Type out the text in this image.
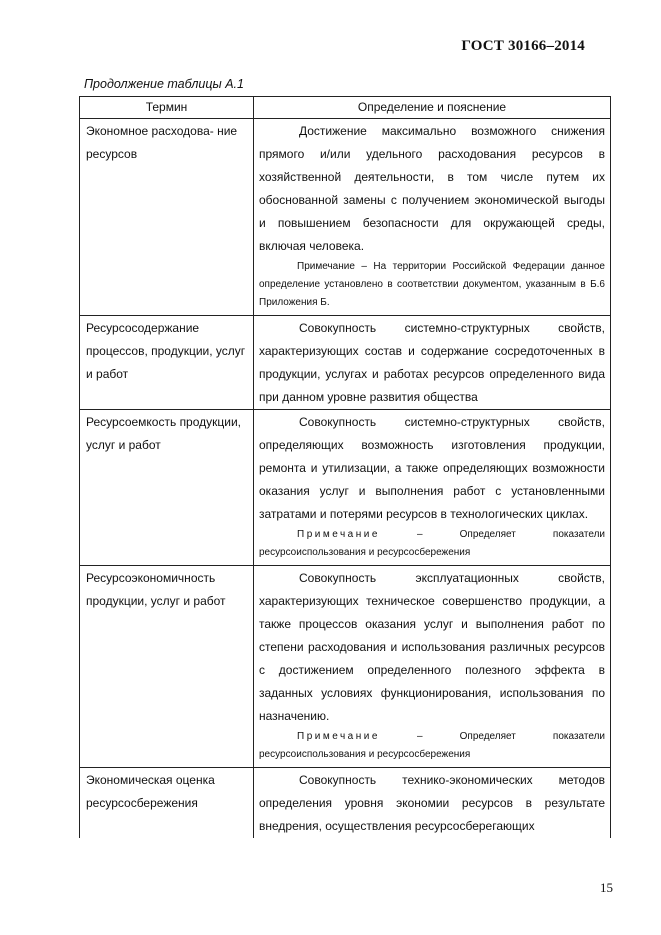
ГОСТ 30166–2014
Продолжение таблицы А.1
Термин	Определение и пояснение
Экономное расходова- ние ресурсов	Достижение максимально возможного снижения прямого и/или удельного расходования ресурсов в хозяйственной деятельности, в том числе путем их обоснованной замены с получением экономической выгоды и повышением безопасности для окружающей среды, включая человека.

Примечание – На территории Российской Федерации данное определение установлено в соответствии документом, указанным в Б.6 Приложения Б.

Ресурсосодержание процессов, продукции, услуг и работ	Совокупность системно-структурных свойств, характеризующих состав и содержание сосредоточенных в продукции, услугах и работах ресурсов определенного вида при данном уровне развития общества

Ресурсоемкость продукции, услуг и работ	Совокупность системно-структурных свойств, определяющих возможность изготовления продукции, ремонта и утилизации, а также определяющих возможности оказания услуг и выполнения работ с установленными затратами и потерями ресурсов в технологических циклах.

Примечание – Определяет показатели ресурсоиспользования и ресурсосбережения

Ресурсоэкономичность продукции, услуг и работ	Совокупность эксплуатационных свойств, характеризующих техническое совершенство продукции, а также процессов оказания услуг и выполнения работ по степени расходования и использования различных ресурсов с достижением определенного полезного эффекта в заданных условиях функционирования, использования по назначению.

Примечание – Определяет показатели ресурсоиспользования и ресурсосбережения

Экономическая оценка ресурсосбережения	Совокупность технико-экономических методов определения уровня экономии ресурсов в результате внедрения, осуществления ресурсосберегающих

15
